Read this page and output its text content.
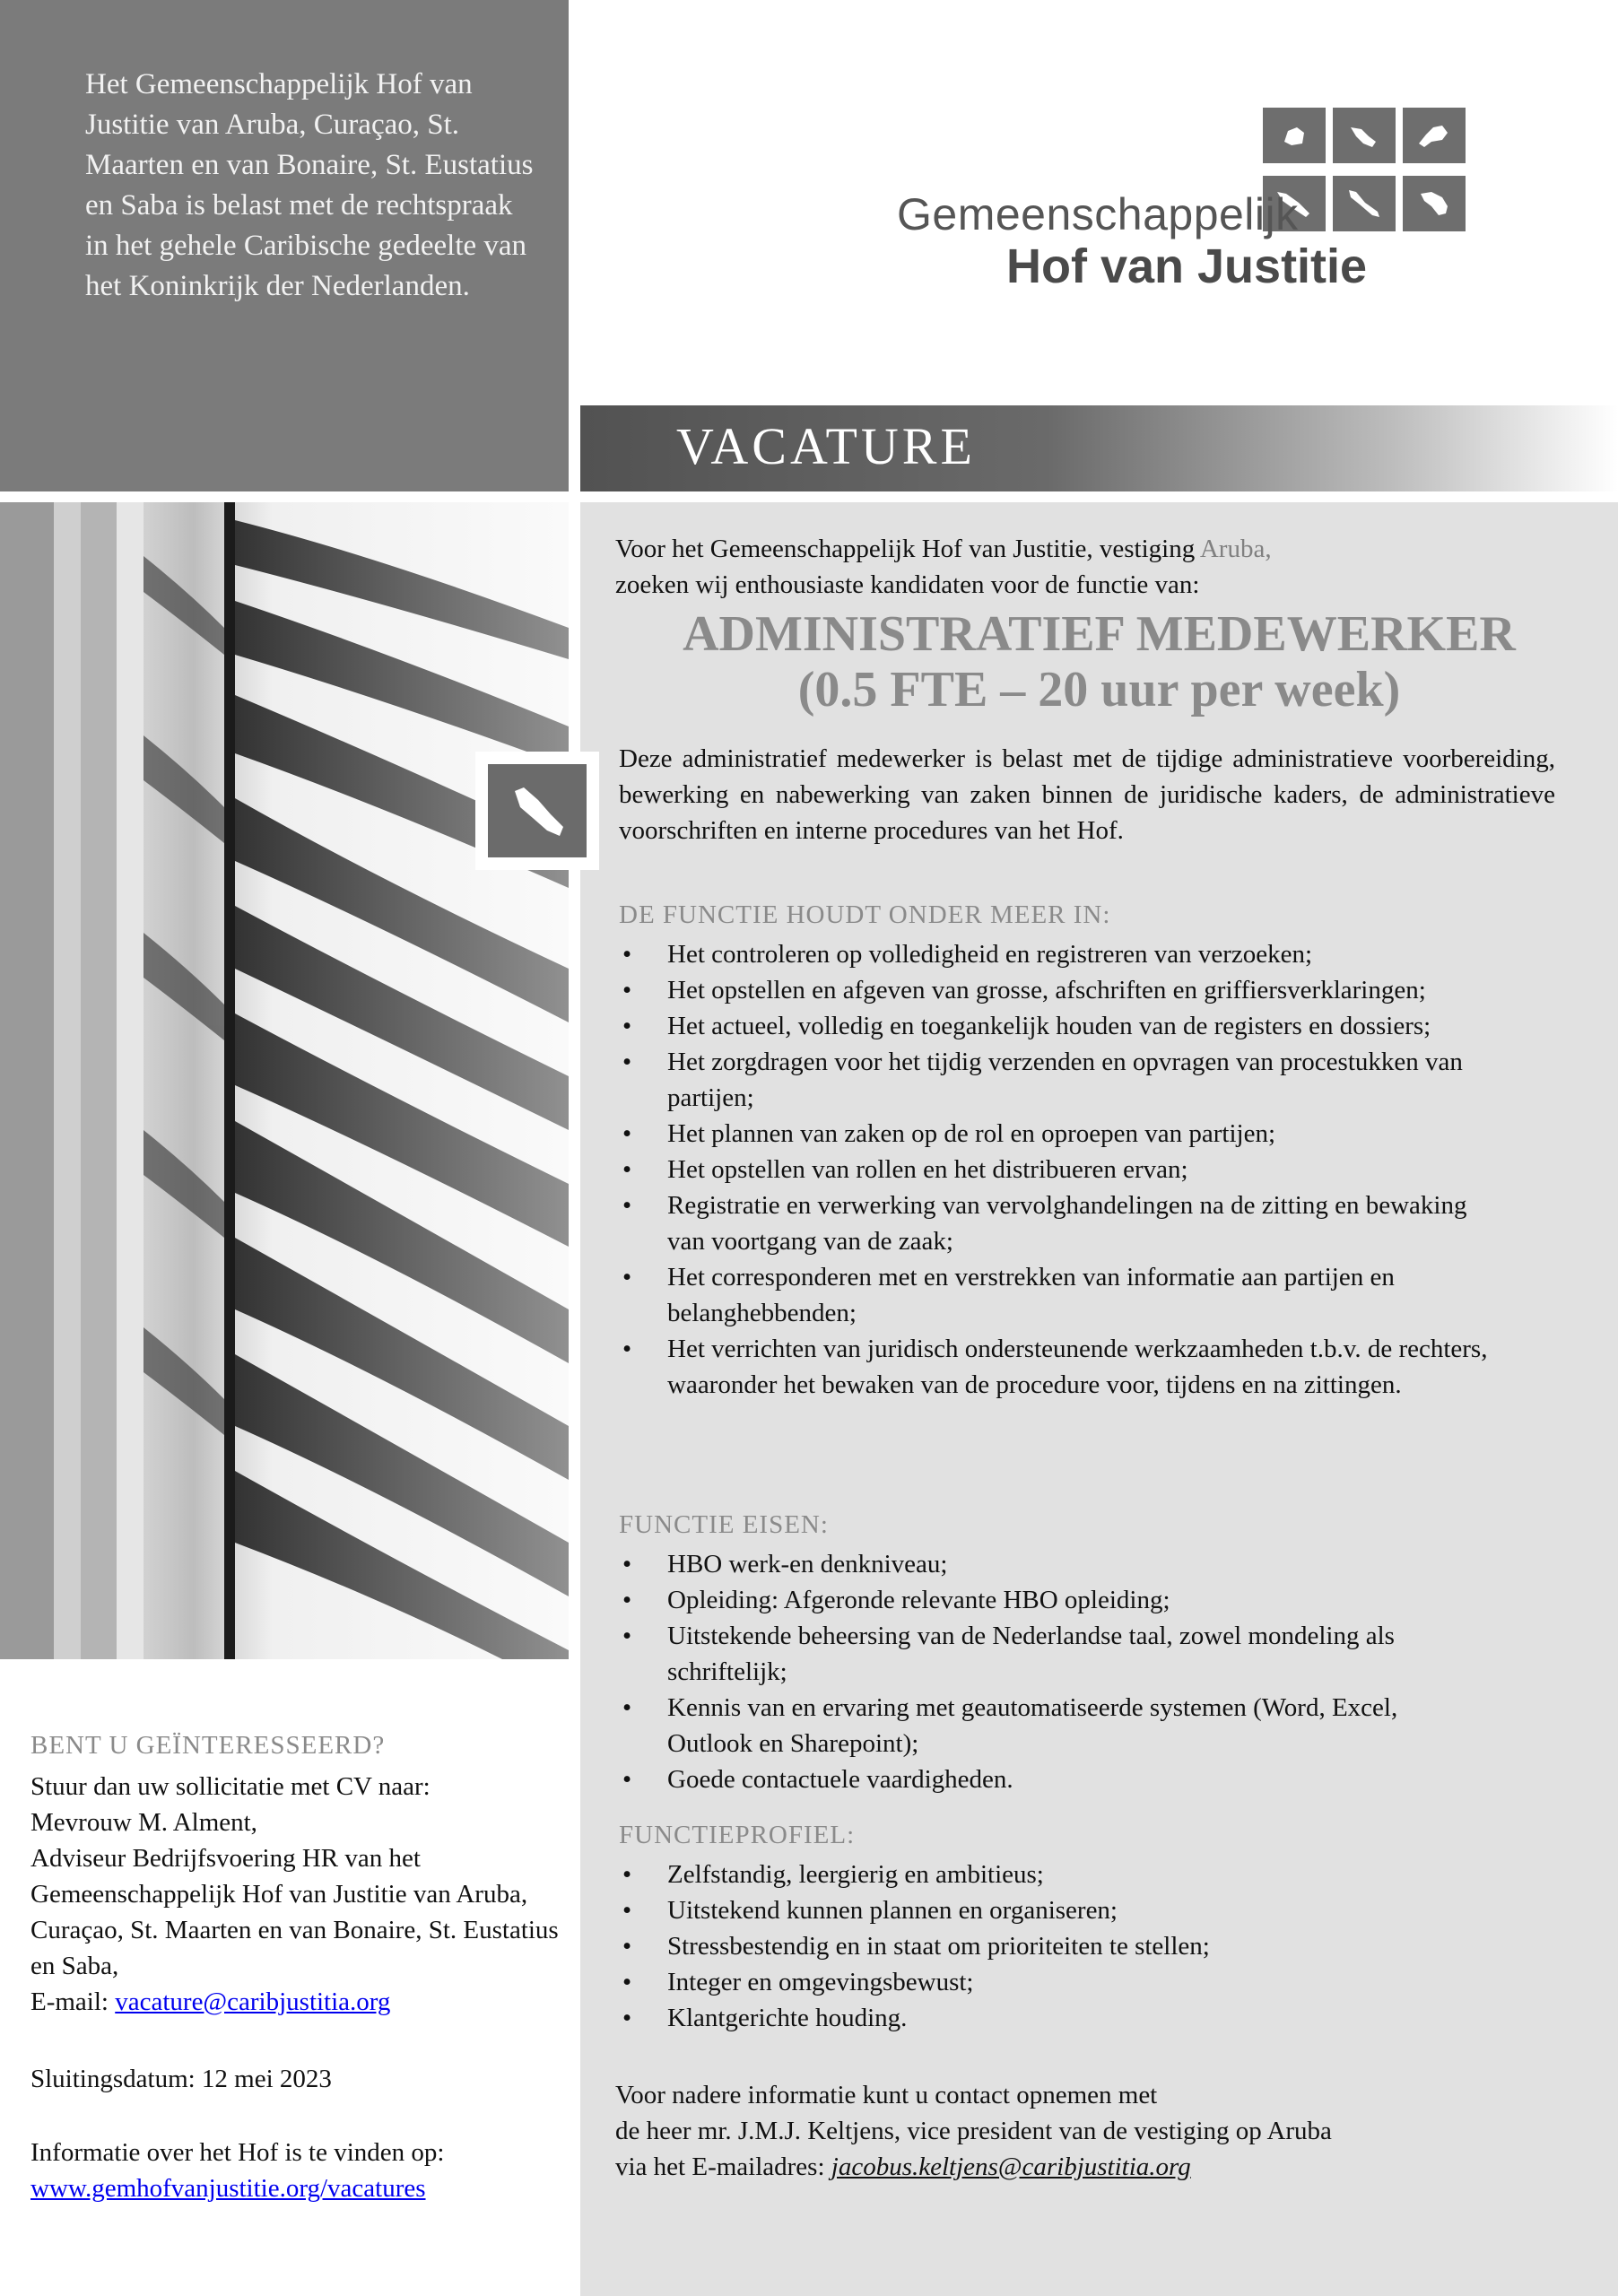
Het Gemeenschappelijk Hof van Justitie van Aruba, Curaçao, St. Maarten en van Bonaire, St. Eustatius en Saba is belast met de rechtspraak in het gehele Caribische gedeelte van het Koninkrijk der Nederlanden.
Gemeenschappelijk
Hof van Justitie
VACATURE
Voor het Gemeenschappelijk Hof van Justitie, vestiging Aruba,
zoeken wij enthousiaste kandidaten voor de functie van:
ADMINISTRATIEF MEDEWERKER
(0.5 FTE – 20 uur per week)
Deze administratief medewerker is belast met de tijdige administratieve voorbereiding, bewerking en nabewerking van zaken binnen de juridische kaders, de administratieve voorschriften en interne procedures van het Hof.
DE FUNCTIE HOUDT ONDER MEER IN:
• Het controleren op volledigheid en registreren van verzoeken;
• Het opstellen en afgeven van grosse, afschriften en griffiersverklaringen;
• Het actueel, volledig en toegankelijk houden van de registers en dossiers;
• Het zorgdragen voor het tijdig verzenden en opvragen van procestukken van partijen;
• Het plannen van zaken op de rol en oproepen van partijen;
• Het opstellen van rollen en het distribueren ervan;
• Registratie en verwerking van vervolghandelingen na de zitting en bewaking van voortgang van de zaak;
• Het corresponderen met en verstrekken van informatie aan partijen en belanghebbenden;
• Het verrichten van juridisch ondersteunende werkzaamheden t.b.v. de rechters, waaronder het bewaken van de procedure voor, tijdens en na zittingen.
FUNCTIE EISEN:
• HBO werk-en denkniveau;
• Opleiding: Afgeronde relevante HBO opleiding;
• Uitstekende beheersing van de Nederlandse taal, zowel mondeling als schriftelijk;
• Kennis van en ervaring met geautomatiseerde systemen (Word, Excel, Outlook en Sharepoint);
• Goede contactuele vaardigheden.
FUNCTIEPROFIEL:
• Zelfstandig, leergierig en ambitieus;
• Uitstekend kunnen plannen en organiseren;
• Stressbestendig en in staat om prioriteiten te stellen;
• Integer en omgevingsbewust;
• Klantgerichte houding.
Voor nadere informatie kunt u contact opnemen met
de heer mr. J.M.J. Keltjens, vice president van de vestiging op Aruba
via het E-mailadres: jacobus.keltjens@caribjustitia.org
BENT U GEÏNTERESSEERD?
Stuur dan uw sollicitatie met CV naar:
Mevrouw M. Alment,
Adviseur Bedrijfsvoering HR van het Gemeenschappelijk Hof van Justitie van Aruba, Curaçao, St. Maarten en van Bonaire, St. Eustatius en Saba,
E-mail: vacature@caribjustitia.org
Sluitingsdatum: 12 mei 2023
Informatie over het Hof is te vinden op:
www.gemhofvanjustitie.org/vacatures
